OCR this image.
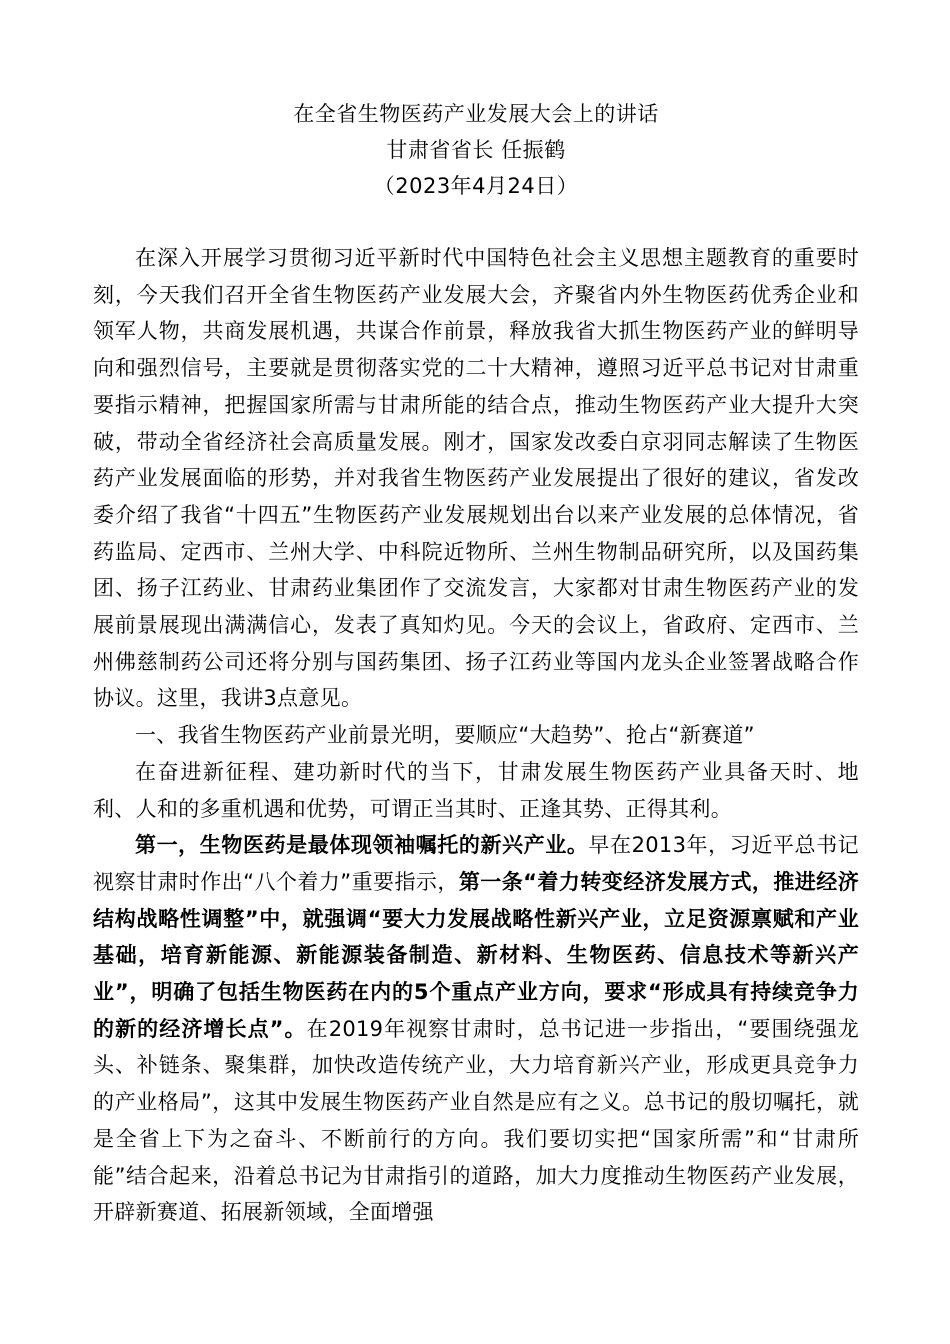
在全省生物医药产业发展大会上的讲话
甘肃省省长 任振鹤
（2023年4月24日）

在深入开展学习贯彻习近平新时代中国特色社会主义思想主题教育的重要时刻，今天我们召开全省生物医药产业发展大会，齐聚省内外生物医药优秀企业和领军人物，共商发展机遇，共谋合作前景，释放我省大抓生物医药产业的鲜明导向和强烈信号，主要就是贯彻落实党的二十大精神，遵照习近平总书记对甘肃重要指示精神，把握国家所需与甘肃所能的结合点，推动生物医药产业大提升大突破，带动全省经济社会高质量发展。刚才，国家发改委白京羽同志解读了生物医药产业发展面临的形势，并对我省生物医药产业发展提出了很好的建议，省发改委介绍了我省“十四五”生物医药产业发展规划出台以来产业发展的总体情况，省药监局、定西市、兰州大学、中科院近物所、兰州生物制品研究所，以及国药集团、扬子江药业、甘肃药业集团作了交流发言，大家都对甘肃生物医药产业的发展前景展现出满满信心，发表了真知灼见。今天的会议上，省政府、定西市、兰州佛慈制药公司还将分别与国药集团、扬子江药业等国内龙头企业签署战略合作协议。这里，我讲3点意见。

一、我省生物医药产业前景光明，要顺应“大趋势”、抢占“新赛道”

在奋进新征程、建功新时代的当下，甘肃发展生物医药产业具备天时、地利、人和的多重机遇和优势，可谓正当其时、正逢其势、正得其利。

第一，生物医药是最体现领袖嘱托的新兴产业。早在2013年，习近平总书记视察甘肃时作出“八个着力”重要指示，第一条“着力转变经济发展方式，推进经济结构战略性调整”中，就强调“要大力发展战略性新兴产业，立足资源禀赋和产业基础，培育新能源、新能源装备制造、新材料、生物医药、信息技术等新兴产业”，明确了包括生物医药在内的5个重点产业方向，要求“形成具有持续竞争力的新的经济增长点”。在2019年视察甘肃时，总书记进一步指出，“要围绕强龙头、补链条、聚集群，加快改造传统产业，大力培育新兴产业，形成更具竞争力的产业格局”，这其中发展生物医药产业自然是应有之义。总书记的殷切嘱托，就是全省上下为之奋斗、不断前行的方向。我们要切实把“国家所需”和“甘肃所能”结合起来，沿着总书记为甘肃指引的道路，加大力度推动生物医药产业发展，开辟新赛道、拓展新领域，全面增强
